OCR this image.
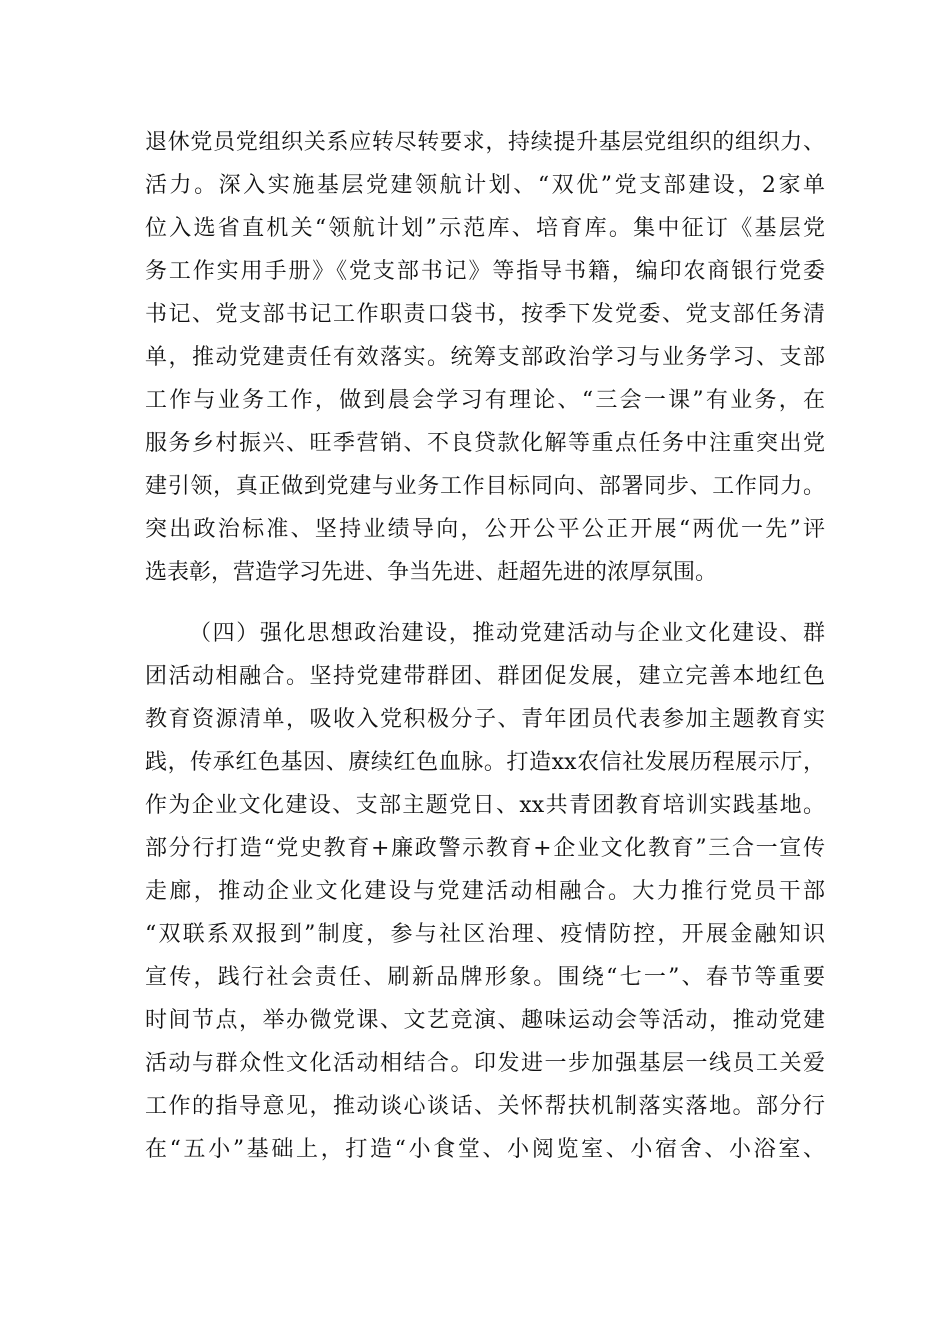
退休党员党组织关系应转尽转要求，持续提升基层党组织的组织力、
活力。深入实施基层党建领航计划、“双优”党支部建设，2家单
位入选省直机关“领航计划”示范库、培育库。集中征订《基层党
务工作实用手册》《党支部书记》等指导书籍，编印农商银行党委
书记、党支部书记工作职责口袋书，按季下发党委、党支部任务清
单，推动党建责任有效落实。统筹支部政治学习与业务学习、支部
工作与业务工作，做到晨会学习有理论、“三会一课”有业务，在
服务乡村振兴、旺季营销、不良贷款化解等重点任务中注重突出党
建引领，真正做到党建与业务工作目标同向、部署同步、工作同力。
突出政治标准、坚持业绩导向，公开公平公正开展“两优一先”评
选表彰，营造学习先进、争当先进、赶超先进的浓厚氛围。
（四）强化思想政治建设，推动党建活动与企业文化建设、群
团活动相融合。坚持党建带群团、群团促发展，建立完善本地红色
教育资源清单，吸收入党积极分子、青年团员代表参加主题教育实
践，传承红色基因、赓续红色血脉。打造xx农信社发展历程展示厅，
作为企业文化建设、支部主题党日、xx共青团教育培训实践基地。
部分行打造“党史教育+廉政警示教育+企业文化教育”三合一宣传
走廊，推动企业文化建设与党建活动相融合。大力推行党员干部
“双联系双报到”制度，参与社区治理、疫情防控，开展金融知识
宣传，践行社会责任、刷新品牌形象。围绕“七一”、春节等重要
时间节点，举办微党课、文艺竞演、趣味运动会等活动，推动党建
活动与群众性文化活动相结合。印发进一步加强基层一线员工关爱
工作的指导意见，推动谈心谈话、关怀帮扶机制落实落地。部分行
在“五小”基础上，打造“小食堂、小阅览室、小宿舍、小浴室、
